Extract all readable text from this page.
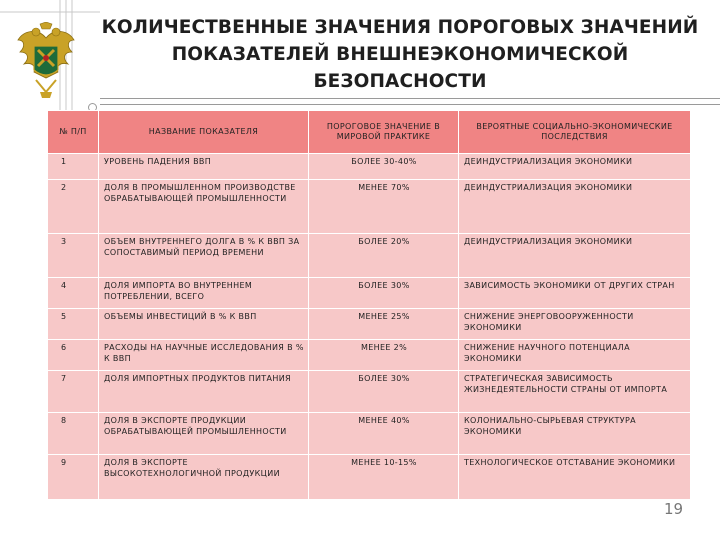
КОЛИЧЕСТВЕННЫЕ ЗНАЧЕНИЯ ПОРОГОВЫХ ЗНАЧЕНИЙ
ПОКАЗАТЕЛЕЙ ВНЕШНЕЭКОНОМИЧЕСКОЙ
БЕЗОПАСНОСТИ
19
№ П/П	НАЗВАНИЕ ПОКАЗАТЕЛЯ	ПОРОГОВОЕ ЗНАЧЕНИЕ В МИРОВОЙ ПРАКТИКЕ	ВЕРОЯТНЫЕ СОЦИАЛЬНО-ЭКОНОМИЧЕСКИЕ ПОСЛЕДСТВИЯ
1	УРОВЕНЬ ПАДЕНИЯ ВВП	БОЛЕЕ 30-40%	ДЕИНДУСТРИАЛИЗАЦИЯ ЭКОНОМИКИ
2	ДОЛЯ В ПРОМЫШЛЕННОМ ПРОИЗВОДСТВЕ ОБРАБАТЫВАЮЩЕЙ ПРОМЫШЛЕННОСТИ	МЕНЕЕ 70%	ДЕИНДУСТРИАЛИЗАЦИЯ ЭКОНОМИКИ
3	ОБЪЕМ ВНУТРЕННЕГО ДОЛГА В % К ВВП ЗА СОПОСТАВИМЫЙ ПЕРИОД ВРЕМЕНИ	БОЛЕЕ 20%	ДЕИНДУСТРИАЛИЗАЦИЯ ЭКОНОМИКИ
4	ДОЛЯ ИМПОРТА ВО ВНУТРЕННЕМ ПОТРЕБЛЕНИИ, ВСЕГО	БОЛЕЕ 30%	ЗАВИСИМОСТЬ ЭКОНОМИКИ ОТ ДРУГИХ СТРАН
5	ОБЪЕМЫ ИНВЕСТИЦИЙ В % К ВВП	МЕНЕЕ 25%	СНИЖЕНИЕ ЭНЕРГОВООРУЖЕННОСТИ ЭКОНОМИКИ
6	РАСХОДЫ НА НАУЧНЫЕ ИССЛЕДОВАНИЯ В % К ВВП	МЕНЕЕ 2%	СНИЖЕНИЕ НАУЧНОГО ПОТЕНЦИАЛА ЭКОНОМИКИ
7	ДОЛЯ ИМПОРТНЫХ ПРОДУКТОВ ПИТАНИЯ	БОЛЕЕ 30%	СТРАТЕГИЧЕСКАЯ ЗАВИСИМОСТЬ ЖИЗНЕДЕЯТЕЛЬНОСТИ СТРАНЫ ОТ ИМПОРТА
8	ДОЛЯ В ЭКСПОРТЕ ПРОДУКЦИИ ОБРАБАТЫВАЮЩЕЙ ПРОМЫШЛЕННОСТИ	МЕНЕЕ 40%	КОЛОНИАЛЬНО-СЫРЬЕВАЯ СТРУКТУРА ЭКОНОМИКИ
9	ДОЛЯ В ЭКСПОРТЕ ВЫСОКОТЕХНОЛОГИЧНОЙ ПРОДУКЦИИ	МЕНЕЕ 10-15%	ТЕХНОЛОГИЧЕСКОЕ ОТСТАВАНИЕ ЭКОНОМИКИ
